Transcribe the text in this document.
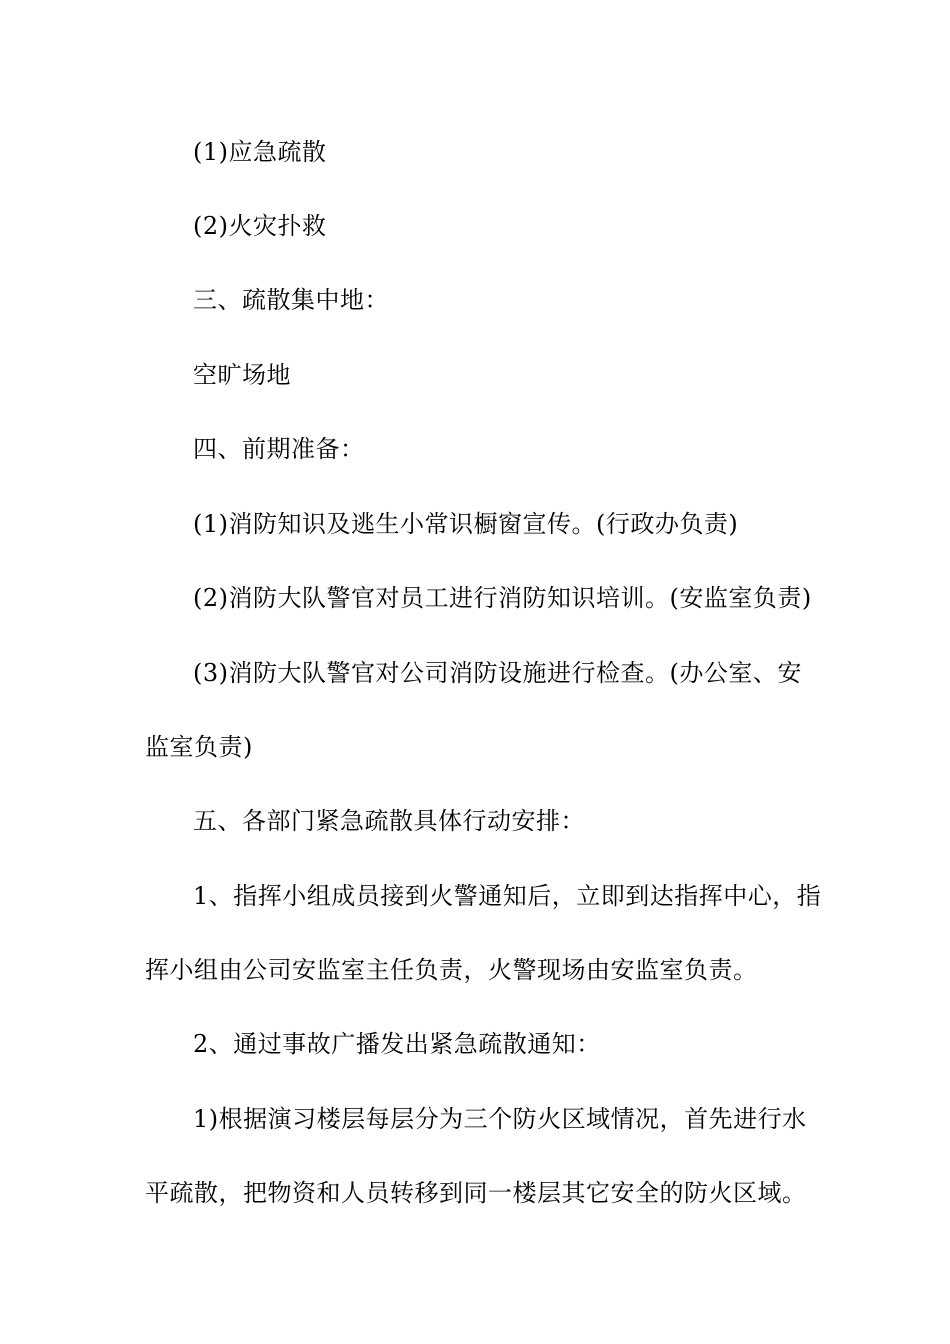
(1)应急疏散
(2)火灾扑救
三、疏散集中地：
空旷场地
四、前期准备：
(1)消防知识及逃生小常识橱窗宣传。(行政办负责)
(2)消防大队警官对员工进行消防知识培训。(安监室负责)
(3)消防大队警官对公司消防设施进行检查。(办公室、安
监室负责)
五、各部门紧急疏散具体行动安排：
1、指挥小组成员接到火警通知后，立即到达指挥中心，指
挥小组由公司安监室主任负责，火警现场由安监室负责。
2、通过事故广播发出紧急疏散通知：
1)根据演习楼层每层分为三个防火区域情况，首先进行水
平疏散，把物资和人员转移到同一楼层其它安全的防火区域。
